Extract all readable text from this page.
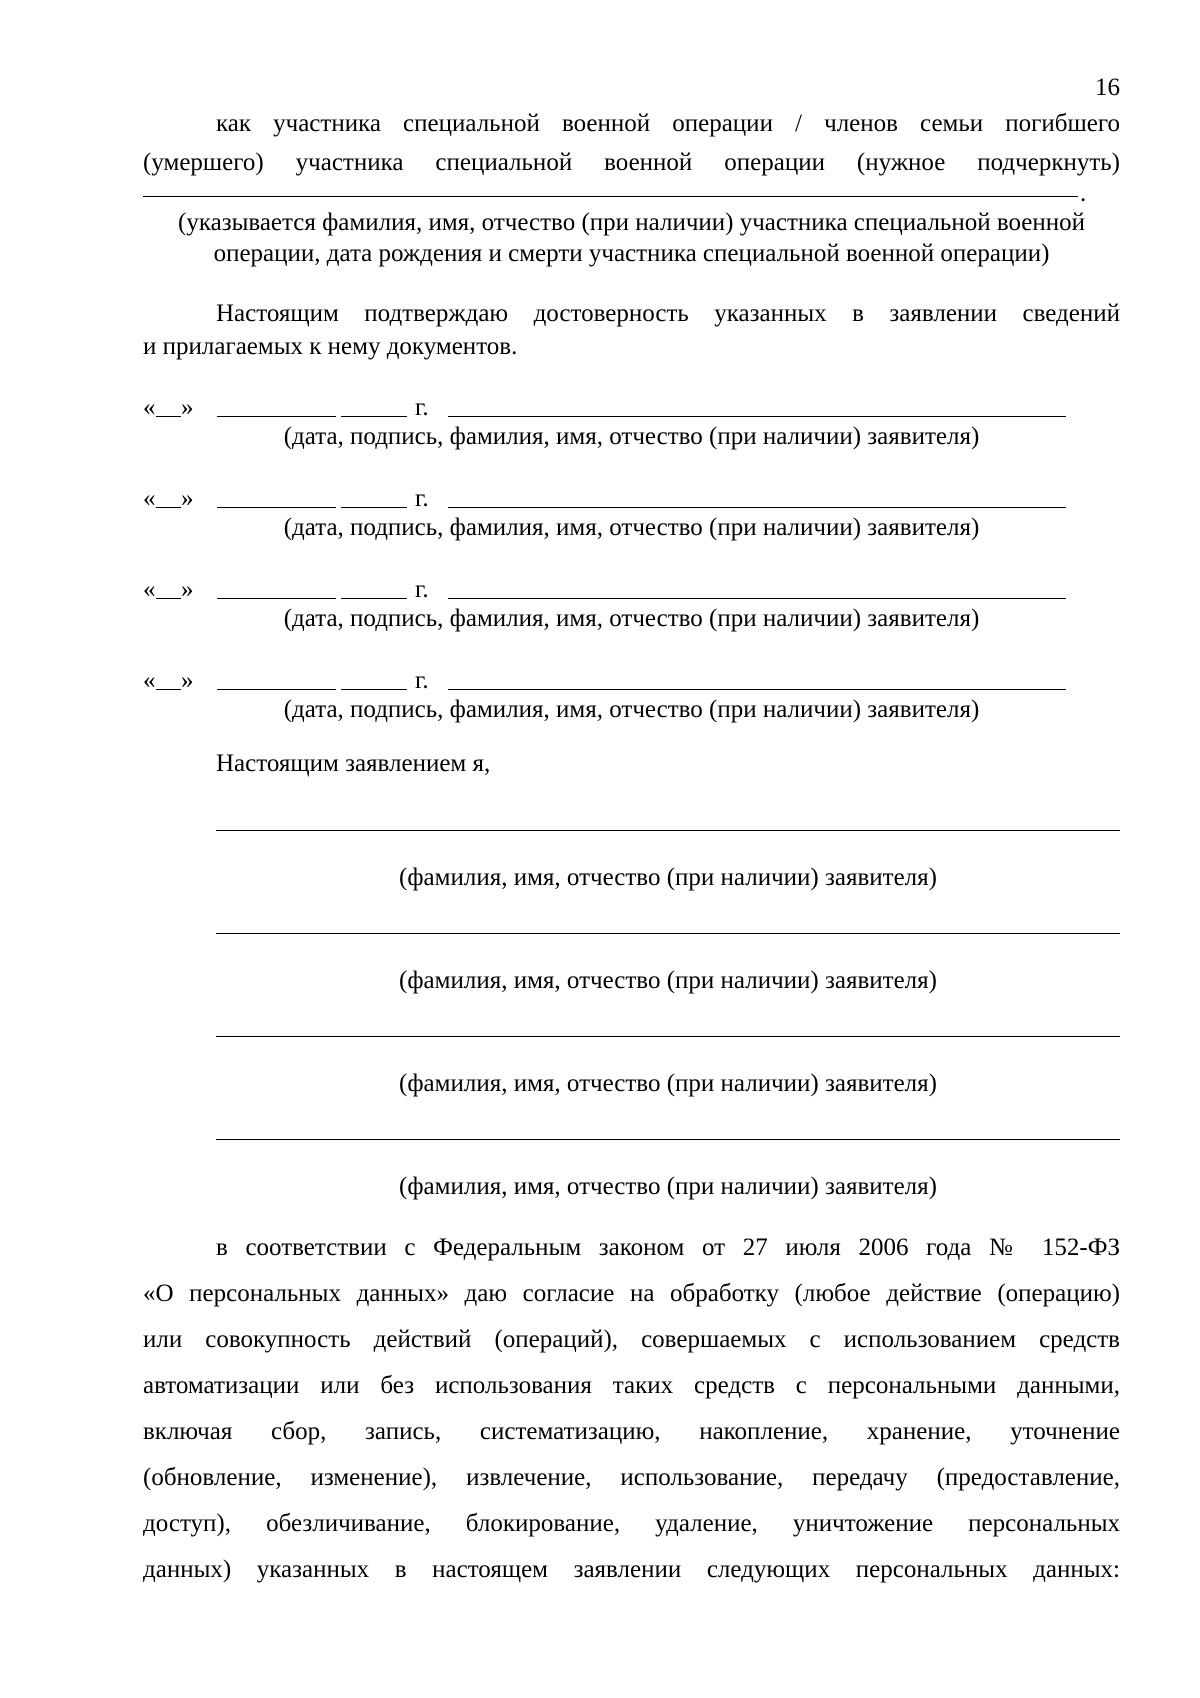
16
как участника специальной военной операции / членов семьи погибшего
(умершего) участника специальной военной операции (нужное подчеркнуть)
.
(указывается фамилия, имя, отчество (при наличии) участника специальной военной
операции, дата рождения и смерти участника специальной военной операции)
Настоящим подтверждаю достоверность указанных в заявлении сведений
и прилагаемых к нему документов.
« »	г.
(дата, подпись, фамилия, имя, отчество (при наличии) заявителя)
« »	г.
(дата, подпись, фамилия, имя, отчество (при наличии) заявителя)
« »	г.
(дата, подпись, фамилия, имя, отчество (при наличии) заявителя)
« »	г.
(дата, подпись, фамилия, имя, отчество (при наличии) заявителя)
Настоящим заявлением я,
(фамилия, имя, отчество (при наличии) заявителя)
(фамилия, имя, отчество (при наличии) заявителя)
(фамилия, имя, отчество (при наличии) заявителя)
(фамилия, имя, отчество (при наличии) заявителя)
в соответствии с Федеральным законом от 27 июля 2006 года № 152-ФЗ
«О персональных данных» даю согласие на обработку (любое действие (операцию)
или совокупность действий (операций), совершаемых с использованием средств
автоматизации или без использования таких средств с персональными данными,
включая сбор, запись, систематизацию, накопление, хранение, уточнение
(обновление, изменение), извлечение, использование, передачу (предоставление,
доступ), обезличивание, блокирование, удаление, уничтожение персональных
данных) указанных в настоящем заявлении следующих персональных данных:
